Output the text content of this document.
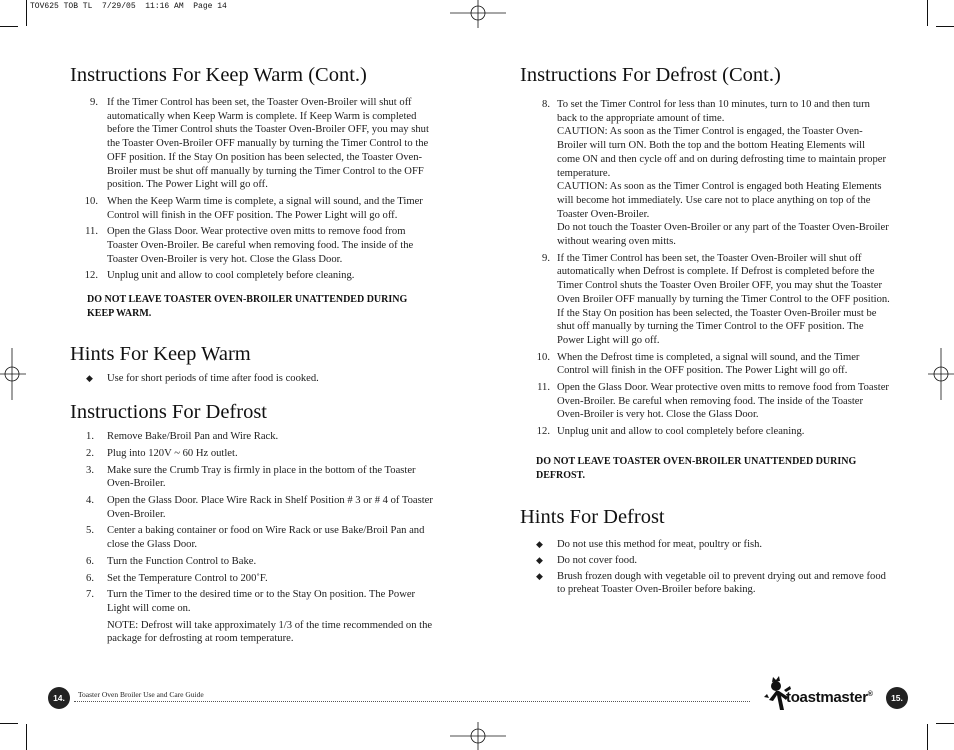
TOV625 TOB TL  7/29/05  11:16 AM  Page 14
Instructions For Keep Warm (Cont.)
9. If the Timer Control has been set, the Toaster Oven-Broiler will shut off automatically when Keep Warm is complete. If Keep Warm is completed before the Timer Control shuts the Toaster Oven-Broiler OFF, you may shut the Toaster Oven-Broiler OFF manually by turning the Timer Control to the OFF position. If the Stay On position has been selected, the Toaster Oven-Broiler must be shut off manually by turning the Timer Control to the OFF position. The Power Light will go off.
10. When the Keep Warm time is complete, a signal will sound, and the Timer Control will finish in the OFF position. The Power Light will go off.
11. Open the Glass Door. Wear protective oven mitts to remove food from Toaster Oven-Broiler. Be careful when removing food. The inside of the Toaster Oven-Broiler is very hot. Close the Glass Door.
12. Unplug unit and allow to cool completely before cleaning.
DO NOT LEAVE TOASTER OVEN-BROILER UNATTENDED DURING KEEP WARM.
Hints For Keep Warm
◆ Use for short periods of time after food is cooked.
Instructions For Defrost
1. Remove Bake/Broil Pan and Wire Rack.
2. Plug into 120V ~ 60 Hz outlet.
3. Make sure the Crumb Tray is firmly in place in the bottom of the Toaster Oven-Broiler.
4. Open the Glass Door. Place Wire Rack in Shelf Position # 3 or # 4 of Toaster Oven-Broiler.
5. Center a baking container or food on Wire Rack or use Bake/Broil Pan and close the Glass Door.
6. Turn the Function Control to Bake.
6. Set the Temperature Control to 200˚F.
7. Turn the Timer to the desired time or to the Stay On position. The Power Light will come on.
NOTE: Defrost will take approximately 1/3 of the time recommended on the package for defrosting at room temperature.
Instructions For Defrost (Cont.)
8. To set the Timer Control for less than 10 minutes, turn to 10 and then turn back to the appropriate amount of time.
CAUTION: As soon as the Timer Control is engaged, the Toaster Oven-Broiler will turn ON. Both the top and the bottom Heating Elements will come ON and then cycle off and on during defrosting time to maintain proper temperature.
CAUTION: As soon as the Timer Control is engaged both Heating Elements will become hot immediately. Use care not to place anything on top of the Toaster Oven-Broiler.
Do not touch the Toaster Oven-Broiler or any part of the Toaster Oven-Broiler without wearing oven mitts.
9. If the Timer Control has been set, the Toaster Oven-Broiler will shut off automatically when Defrost is complete. If Defrost is completed before the Timer Control shuts the Toaster Oven Broiler OFF, you may shut the Toaster Oven Broiler OFF manually by turning the Timer Control to the OFF position. If the Stay On position has been selected, the Toaster Oven-Broiler must be shut off manually by turning the Timer Control to the OFF position. The Power Light will go off.
10. When the Defrost time is completed, a signal will sound, and the Timer Control will finish in the OFF position. The Power Light will go off.
11. Open the Glass Door. Wear protective oven mitts to remove food from Toaster Oven-Broiler. Be careful when removing food. The inside of the Toaster Oven-Broiler is very hot. Close the Glass Door.
12. Unplug unit and allow to cool completely before cleaning.
DO NOT LEAVE TOASTER OVEN-BROILER UNATTENDED DURING DEFROST.
Hints For Defrost
◆ Do not use this method for meat, poultry or fish.
◆ Do not cover food.
◆ Brush frozen dough with vegetable oil to prevent drying out and remove food to preheat Toaster Oven-Broiler before baking.
14.	Toaster Oven Broiler Use and Care Guide	toastmaster®	15.
